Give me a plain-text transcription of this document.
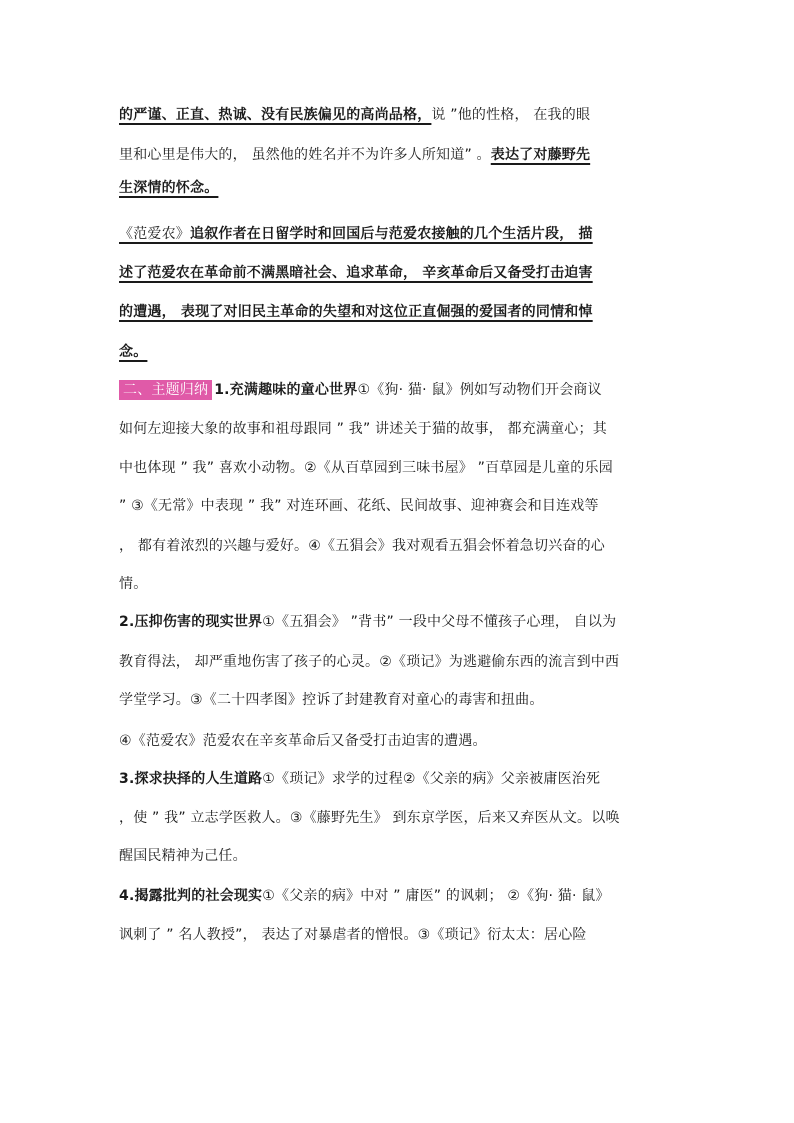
的严谨、正直、热诚、没有民族偏见的高尚品格，说 ”他的性格， 在我的眼
里和心里是伟大的， 虽然他的姓名并不为许多人所知道” 。表达了对藤野先
生深情的怀念。
《范爱农》追叙作者在日留学时和回国后与范爱农接触的几个生活片段， 描
述了范爱农在革命前不满黑暗社会、追求革命， 辛亥革命后又备受打击迫害
的遭遇， 表现了对旧民主革命的失望和对这位正直倔强的爱国者的同情和悼
念。
二、主题归纳 1.充满趣味的童心世界①《狗· 猫· 鼠》例如写动物们开会商议
如何左迎接大象的故事和祖母跟同 ” 我” 讲述关于猫的故事， 都充满童心；其
中也体现 ” 我” 喜欢小动物。②《从百草园到三味书屋》 ”百草园是儿童的乐园
” ③《无常》中表现 ” 我” 对连环画、花纸、民间故事、迎神赛会和目连戏等
， 都有着浓烈的兴趣与爱好。④《五猖会》我对观看五猖会怀着急切兴奋的心
情。
2.压抑伤害的现实世界①《五猖会》 ”背书” 一段中父母不懂孩子心理， 自以为
教育得法， 却严重地伤害了孩子的心灵。②《琐记》为逃避偷东西的流言到中西
学堂学习。③《二十四孝图》控诉了封建教育对童心的毒害和扭曲。
④《范爱农》范爱农在辛亥革命后又备受打击迫害的遭遇。
3.探求抉择的人生道路①《琐记》求学的过程②《父亲的病》父亲被庸医治死
，使 ” 我” 立志学医救人。③《藤野先生》 到东京学医，后来又弃医从文。以唤
醒国民精神为己任。
4.揭露批判的社会现实①《父亲的病》中对 ” 庸医” 的讽刺； ②《狗· 猫· 鼠》
讽刺了 ” 名人教授”， 表达了对暴虐者的憎恨。③《琐记》衍太太：居心险
